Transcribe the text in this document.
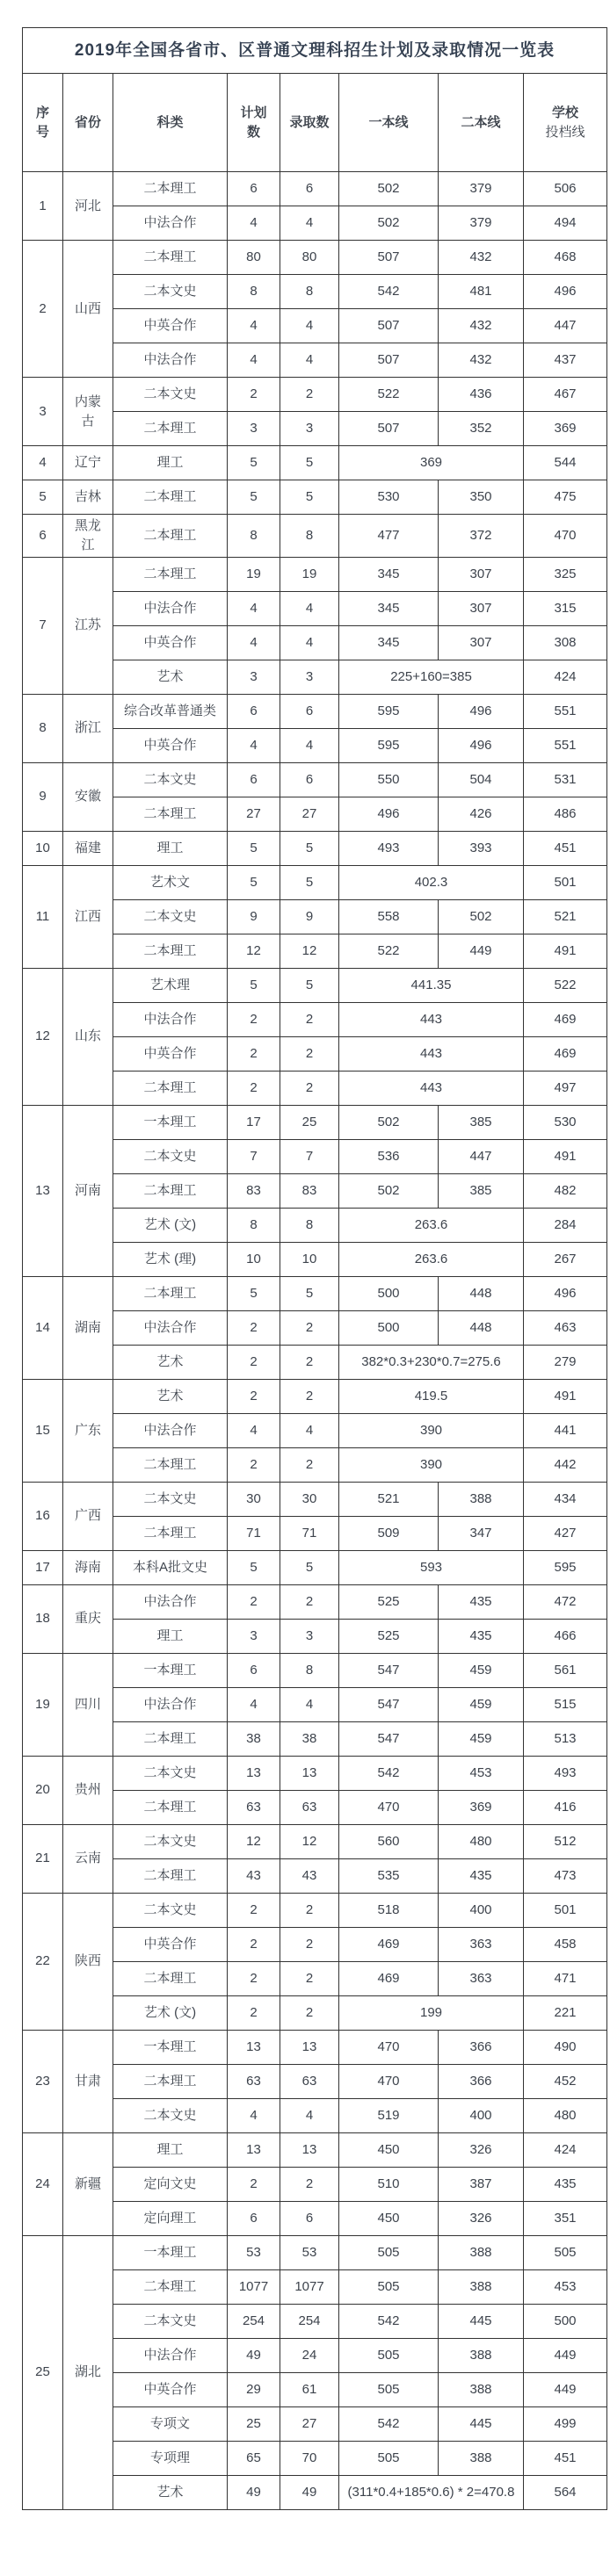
2019年全国各省市、区普通文理科招生计划及录取情况一览表							
序号	省份	科类	计划数	录取数	一本线	二本线	学校
投档线

1	河北	二本理工	6	6	502	379	506
		中法合作	4	4	502	379	494
2	山西	二本理工	80	80	507	432	468
		二本文史	8	8	542	481	496
		中英合作	4	4	507	432	447
		中法合作	4	4	507	432	437
3	内蒙古	二本文史	2	2	522	436	467
		二本理工	3	3	507	352	369
4	辽宁	理工	5	5	369		544
5	吉林	二本理工	5	5	530	350	475
6	黑龙江	二本理工	8	8	477	372	470
7	江苏	二本理工	19	19	345	307	325
		中法合作	4	4	345	307	315
		中英合作	4	4	345	307	308
		艺术	3	3	225+160=385		424
8	浙江	综合改革普通类	6	6	595	496	551
		中英合作	4	4	595	496	551
9	安徽	二本文史	6	6	550	504	531
		二本理工	27	27	496	426	486
10	福建	理工	5	5	493	393	451
11	江西	艺术文	5	5	402.3		501
		二本文史	9	9	558	502	521
		二本理工	12	12	522	449	491
12	山东	艺术理	5	5	441.35		522
		中法合作	2	2	443		469
		中英合作	2	2	443		469
		二本理工	2	2	443		497
13	河南	一本理工	17	25	502	385	530
		二本文史	7	7	536	447	491
		二本理工	83	83	502	385	482
		艺术 (文)	8	8	263.6		284
		艺术 (理)	10	10	263.6		267
14	湖南	二本理工	5	5	500	448	496
		中法合作	2	2	500	448	463
		艺术	2	2	382*0.3+230*0.7=275.6		279
15	广东	艺术	2	2	419.5		491
		中法合作	4	4	390		441
		二本理工	2	2	390		442
16	广西	二本文史	30	30	521	388	434
		二本理工	71	71	509	347	427
17	海南	本科A批文史	5	5	593		595
18	重庆	中法合作	2	2	525	435	472
		理工	3	3	525	435	466
19	四川	一本理工	6	8	547	459	561
		中法合作	4	4	547	459	515
		二本理工	38	38	547	459	513
20	贵州	二本文史	13	13	542	453	493
		二本理工	63	63	470	369	416
21	云南	二本文史	12	12	560	480	512
		二本理工	43	43	535	435	473
22	陕西	二本文史	2	2	518	400	501
		中英合作	2	2	469	363	458
		二本理工	2	2	469	363	471
		艺术 (文)	2	2	199		221
23	甘肃	一本理工	13	13	470	366	490
		二本理工	63	63	470	366	452
		二本文史	4	4	519	400	480
24	新疆	理工	13	13	450	326	424
		定向文史	2	2	510	387	435
		定向理工	6	6	450	326	351
25	湖北	一本理工	53	53	505	388	505
		二本理工	1077	1077	505	388	453
		二本文史	254	254	542	445	500
		中法合作	49	24	505	388	449
		中英合作	29	61	505	388	449
		专项文	25	27	542	445	499
		专项理	65	70	505	388	451
		艺术	49	49	(311*0.4+185*0.6) * 2=470.8		564
